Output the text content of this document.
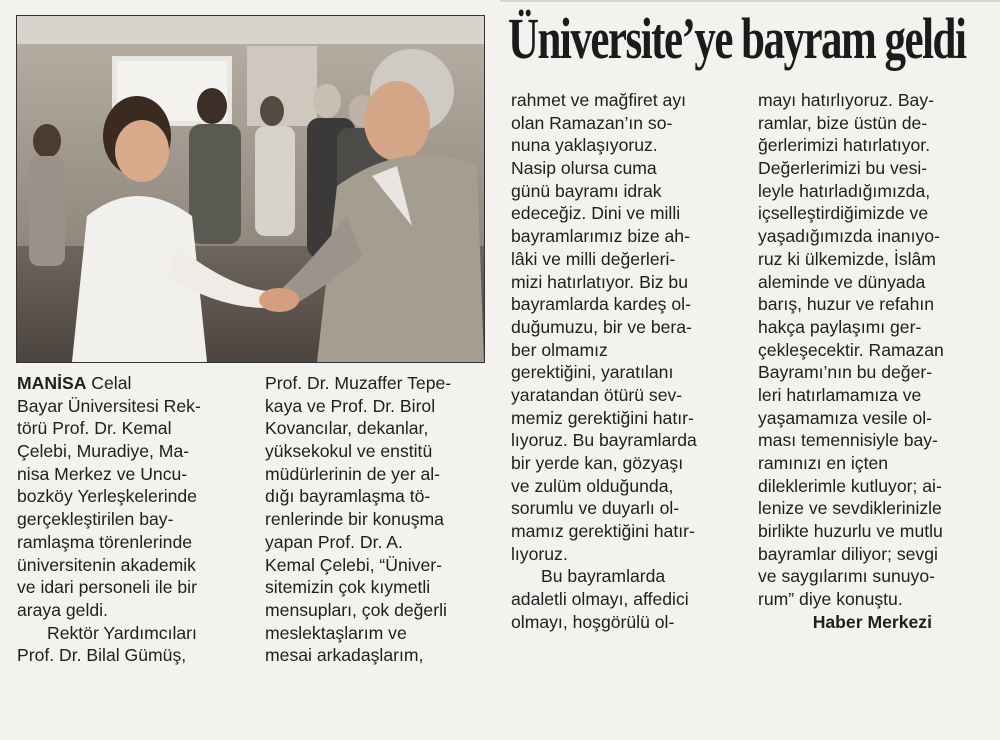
Üniversite’ye bayram geldi
MANİSA Celal
Bayar Üniversitesi Rek-
törü Prof. Dr. Kemal
Çelebi, Muradiye, Ma-
nisa Merkez ve Uncu-
bozköy Yerleşkelerinde
gerçekleştirilen bay-
ramlaşma törenlerinde
üniversitenin akademik
ve idari personeli ile bir
araya geldi.
Rektör Yardımcıları
Prof. Dr. Bilal Gümüş,
Prof. Dr. Muzaffer Tepe-
kaya ve Prof. Dr. Birol
Kovancılar, dekanlar,
yüksekokul ve enstitü
müdürlerinin de yer al-
dığı bayramlaşma tö-
renlerinde bir konuşma
yapan Prof. Dr. A.
Kemal Çelebi, “Üniver-
sitemizin çok kıymetli
mensupları, çok değerli
meslektaşlarım ve
mesai arkadaşlarım,
rahmet ve mağfiret ayı
olan Ramazan’ın so-
nuna yaklaşıyoruz.
Nasip olursa cuma
günü bayramı idrak
edeceğiz. Dini ve milli
bayramlarımız bize ah-
lâki ve milli değerleri-
mizi hatırlatıyor. Biz bu
bayramlarda kardeş ol-
duğumuzu, bir ve bera-
ber olmamız
gerektiğini, yaratılanı
yaratandan ötürü sev-
memiz gerektiğini hatır-
lıyoruz. Bu bayramlarda
bir yerde kan, gözyaşı
ve zulüm olduğunda,
sorumlu ve duyarlı ol-
mamız gerektiğini hatır-
lıyoruz.
Bu bayramlarda
adaletli olmayı, affedici
olmayı, hoşgörülü ol-
mayı hatırlıyoruz. Bay-
ramlar, bize üstün de-
ğerlerimizi hatırlatıyor.
Değerlerimizi bu vesi-
leyle hatırladığımızda,
içselleştirdiğimizde ve
yaşadığımızda inanıyo-
ruz ki ülkemizde, İslâm
aleminde ve dünyada
barış, huzur ve refahın
hakça paylaşımı ger-
çekleşecektir. Ramazan
Bayramı’nın bu değer-
leri hatırlamamıza ve
yaşamamıza vesile ol-
ması temennisiyle bay-
ramınızı en içten
dileklerimle kutluyor; ai-
lenize ve sevdiklerinizle
birlikte huzurlu ve mutlu
bayramlar diliyor; sevgi
ve saygılarımı sunuyo-
rum” diye konuştu.
Haber Merkezi
